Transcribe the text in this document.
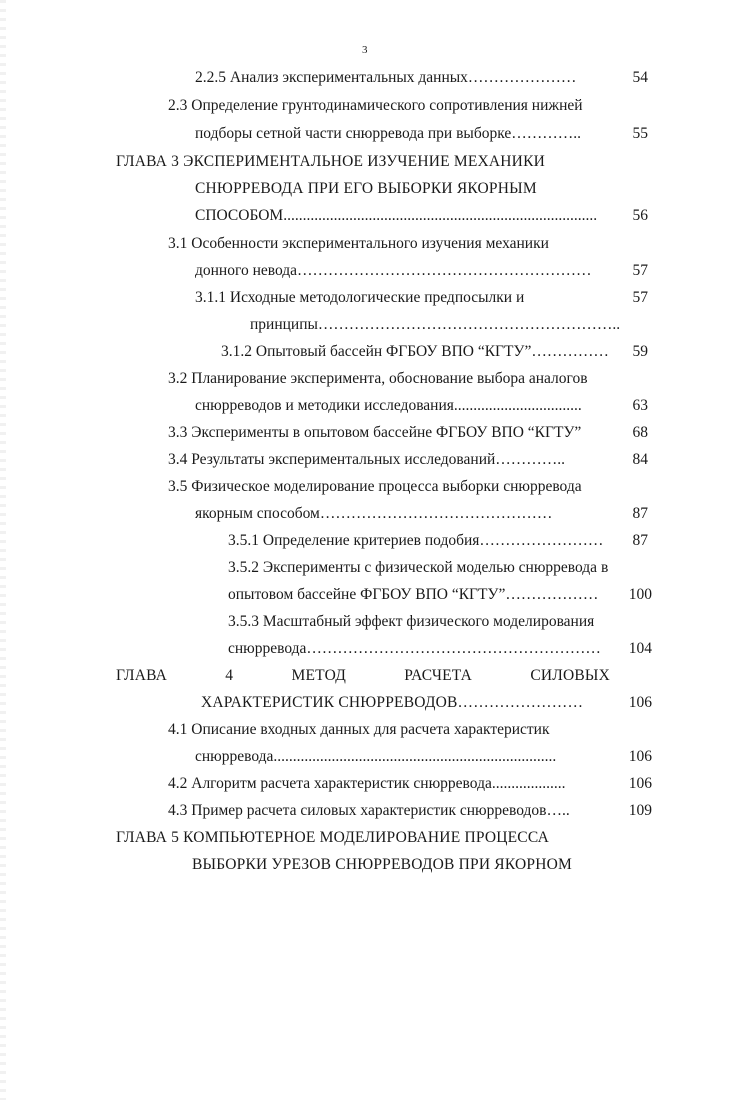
3
2.2.5 Анализ экспериментальных данных…………………	54
2.3 Определение грунтодинамического сопротивления нижней
подборы сетной части снюрревода при выборке…………..	55
ГЛАВА 3 ЭКСПЕРИМЕНТАЛЬНОЕ ИЗУЧЕНИЕ МЕХАНИКИ
СНЮРРЕВОДА ПРИ ЕГО ВЫБОРКИ ЯКОРНЫМ
СПОСОБОМ.................................................................................	56
3.1 Особенности экспериментального изучения механики
донного невода…………………………………………………	57
3.1.1 Исходные методологические предпосылки и	57
принципы…………………………………………………..
3.1.2 Опытовый бассейн ФГБОУ ВПО “КГТУ”……………	59
3.2 Планирование эксперимента, обоснование выбора аналогов
снюрреводов и методики исследования.................................	63
3.3 Эксперименты в опытовом бассейне ФГБОУ ВПО “КГТУ”	68
3.4 Результаты экспериментальных исследований…………..	84
3.5 Физическое моделирование процесса выборки снюрревода
якорным способом………………………………………	87
3.5.1 Определение критериев подобия……………………	87
3.5.2 Эксперименты с физической моделью снюрревода в
опытовом бассейне ФГБОУ ВПО “КГТУ”………………	100
3.5.3 Масштабный эффект физического моделирования
снюрревода…………………………………………………	104
ГЛАВА	4	МЕТОД	РАСЧЕТА	СИЛОВЫХ
ХАРАКТЕРИСТИК СНЮРРЕВОДОВ……………………	106
4.1 Описание входных данных для расчета характеристик
снюрревода.........................................................................	106
4.2 Алгоритм расчета характеристик снюрревода...................	106
4.3 Пример расчета силовых характеристик снюрреводов…..	109
ГЛАВА 5 КОМПЬЮТЕРНОЕ МОДЕЛИРОВАНИЕ ПРОЦЕССА
ВЫБОРКИ УРЕЗОВ СНЮРРЕВОДОВ ПРИ ЯКОРНОМ
